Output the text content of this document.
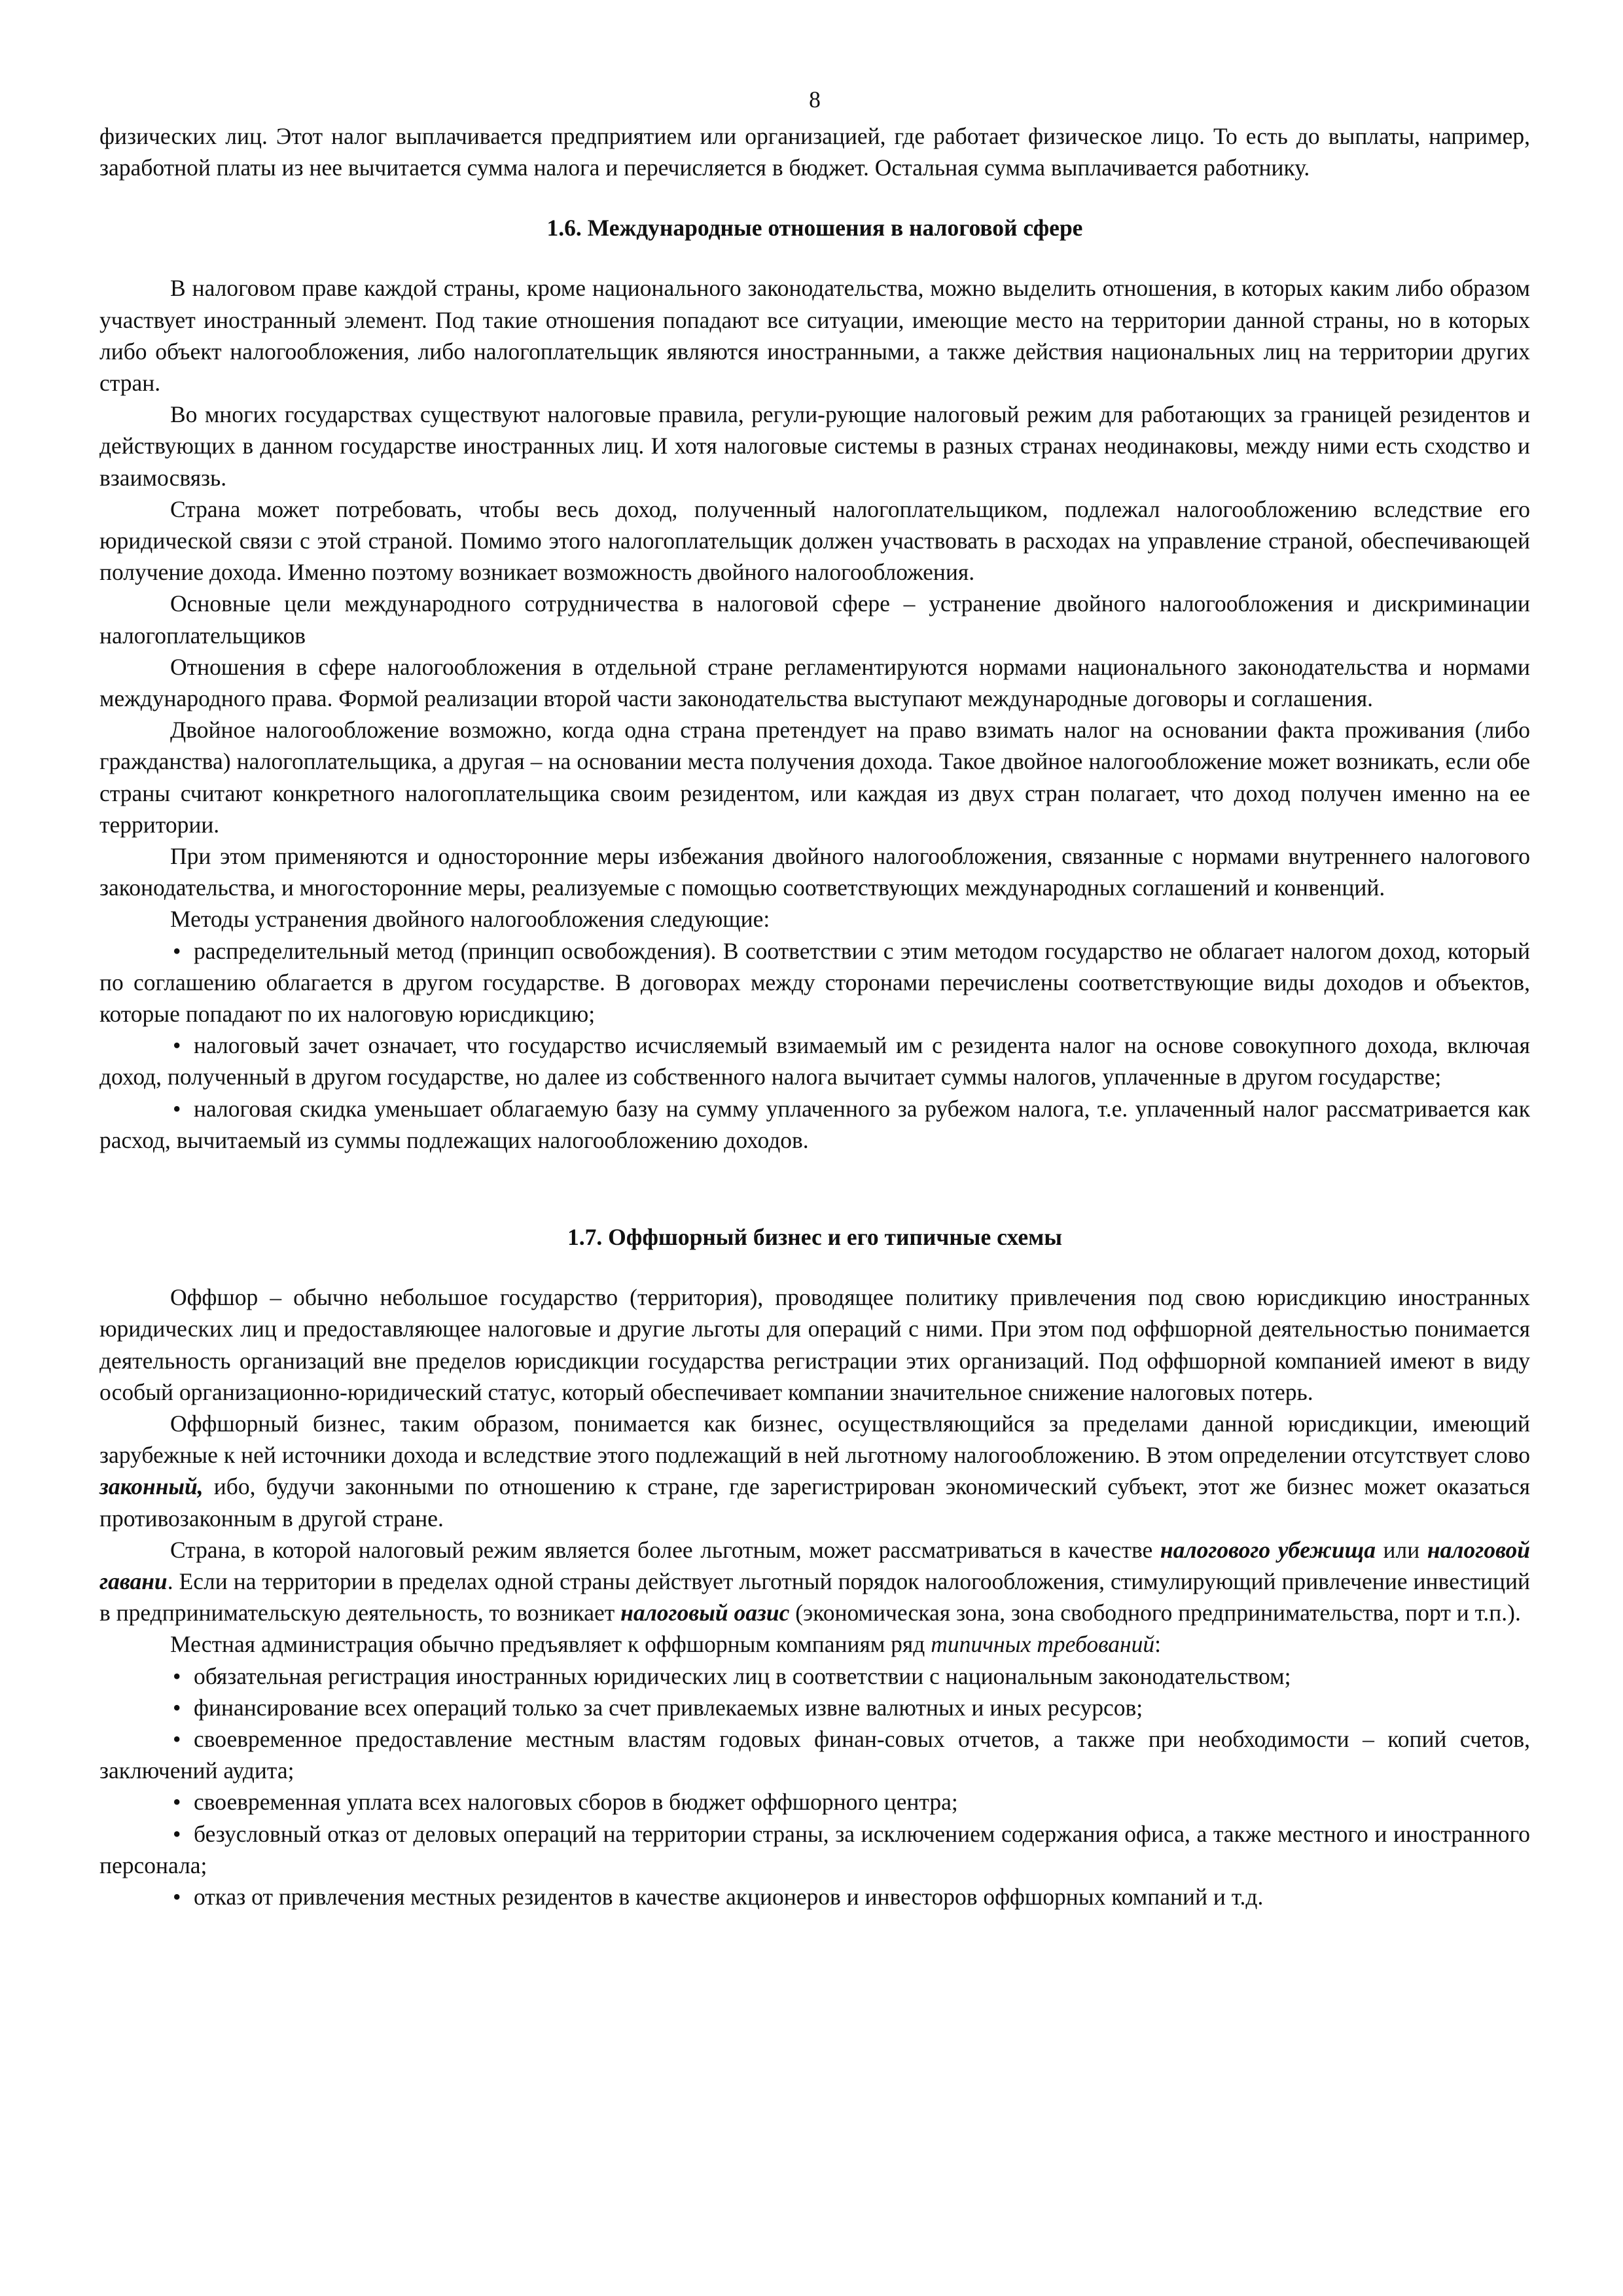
8

физических лиц. Этот налог выплачивается предприятием или организацией, где работает физическое лицо. То есть до выплаты, например, заработной платы из нее вычитается сумма налога и перечисляется в бюджет. Остальная сумма выплачивается работнику.

1.6. Международные отношения в налоговой сфере

В налоговом праве каждой страны, кроме национального законодательства, можно выделить отношения, в которых каким либо образом участвует иностранный элемент. Под такие отношения попадают все ситуации, имеющие место на территории данной страны, но в которых либо объект налогообложения, либо налогоплательщик являются иностранными, а также действия национальных лиц на территории других стран.

Во многих государствах существуют налоговые правила, регули-рующие налоговый режим для работающих за границей резидентов и действующих в данном государстве иностранных лиц. И хотя налоговые системы в разных странах неодинаковы, между ними есть сходство и взаимосвязь.

Страна может потребовать, чтобы весь доход, полученный налогоплательщиком, подлежал налогообложению вследствие его юридической связи с этой страной. Помимо этого налогоплательщик должен участвовать в расходах на управление страной, обеспечивающей получение дохода. Именно поэтому возникает возможность двойного налогообложения.

Основные цели международного сотрудничества в налоговой сфере – устранение двойного налогообложения и дискриминации налогоплательщиков

Отношения в сфере налогообложения в отдельной стране регламентируются нормами национального законодательства и нормами международного права. Формой реализации второй части законодательства выступают международные договоры и соглашения.

Двойное налогообложение возможно, когда одна страна претендует на право взимать налог на основании факта проживания (либо гражданства) налогоплательщика, а другая – на основании места получения дохода. Такое двойное налогообложение может возникать, если обе страны считают конкретного налогоплательщика своим резидентом, или каждая из двух стран полагает, что доход получен именно на ее территории.

При этом применяются и односторонние меры избежания двойного налогообложения, связанные с нормами внутреннего налогового законодательства, и многосторонние меры, реализуемые с помощью соответствующих международных соглашений и конвенций.

Методы устранения двойного налогообложения следующие:

• распределительный метод (принцип освобождения). В соответствии с этим методом государство не облагает налогом доход, который по соглашению облагается в другом государстве. В договорах между сторонами перечислены соответствующие виды доходов и объектов, которые попадают по их налоговую юрисдикцию;

• налоговый зачет означает, что государство исчисляемый взимаемый им с резидента налог на основе совокупного дохода, включая доход, полученный в другом государстве, но далее из собственного налога вычитает суммы налогов, уплаченные в другом государстве;

• налоговая скидка уменьшает облагаемую базу на сумму уплаченного за рубежом налога, т.е. уплаченный налог рассматривается как расход, вычитаемый из суммы подлежащих налогообложению доходов.

1.7. Оффшорный бизнес и его типичные схемы

Оффшор – обычно небольшое государство (территория), проводящее политику привлечения под свою юрисдикцию иностранных юридических лиц и предоставляющее налоговые и другие льготы для операций с ними. При этом под оффшорной деятельностью понимается деятельность организаций вне пределов юрисдикции государства регистрации этих организаций. Под оффшорной компанией имеют в виду особый организационно-юридический статус, который обеспечивает компании значительное снижение налоговых потерь.

Оффшорный бизнес, таким образом, понимается как бизнес, осуществляющийся за пределами данной юрисдикции, имеющий зарубежные к ней источники дохода и вследствие этого подлежащий в ней льготному налогообложению. В этом определении отсутствует слово законный, ибо, будучи законными по отношению к стране, где зарегистрирован экономический субъект, этот же бизнес может оказаться противозаконным в другой стране.

Страна, в которой налоговый режим является более льготным, может рассматриваться в качестве налогового убежища или налоговой гавани. Если на территории в пределах одной страны действует льготный порядок налогообложения, стимулирующий привлечение инвестиций в предпринимательскую деятельность, то возникает налоговый оазис (экономическая зона, зона свободного предпринимательства, порт и т.п.).

Местная администрация обычно предъявляет к оффшорным компаниям ряд типичных требований:

• обязательная регистрация иностранных юридических лиц в соответствии с национальным законодательством;

• финансирование всех операций только за счет привлекаемых извне валютных и иных ресурсов;

• своевременное предоставление местным властям годовых финан-совых отчетов, а также при необходимости – копий счетов, заключений аудита;

• своевременная уплата всех налоговых сборов в бюджет оффшорного центра;

• безусловный отказ от деловых операций на территории страны, за исключением содержания офиса, а также местного и иностранного персонала;

• отказ от привлечения местных резидентов в качестве акционеров и инвесторов оффшорных компаний и т.д.
